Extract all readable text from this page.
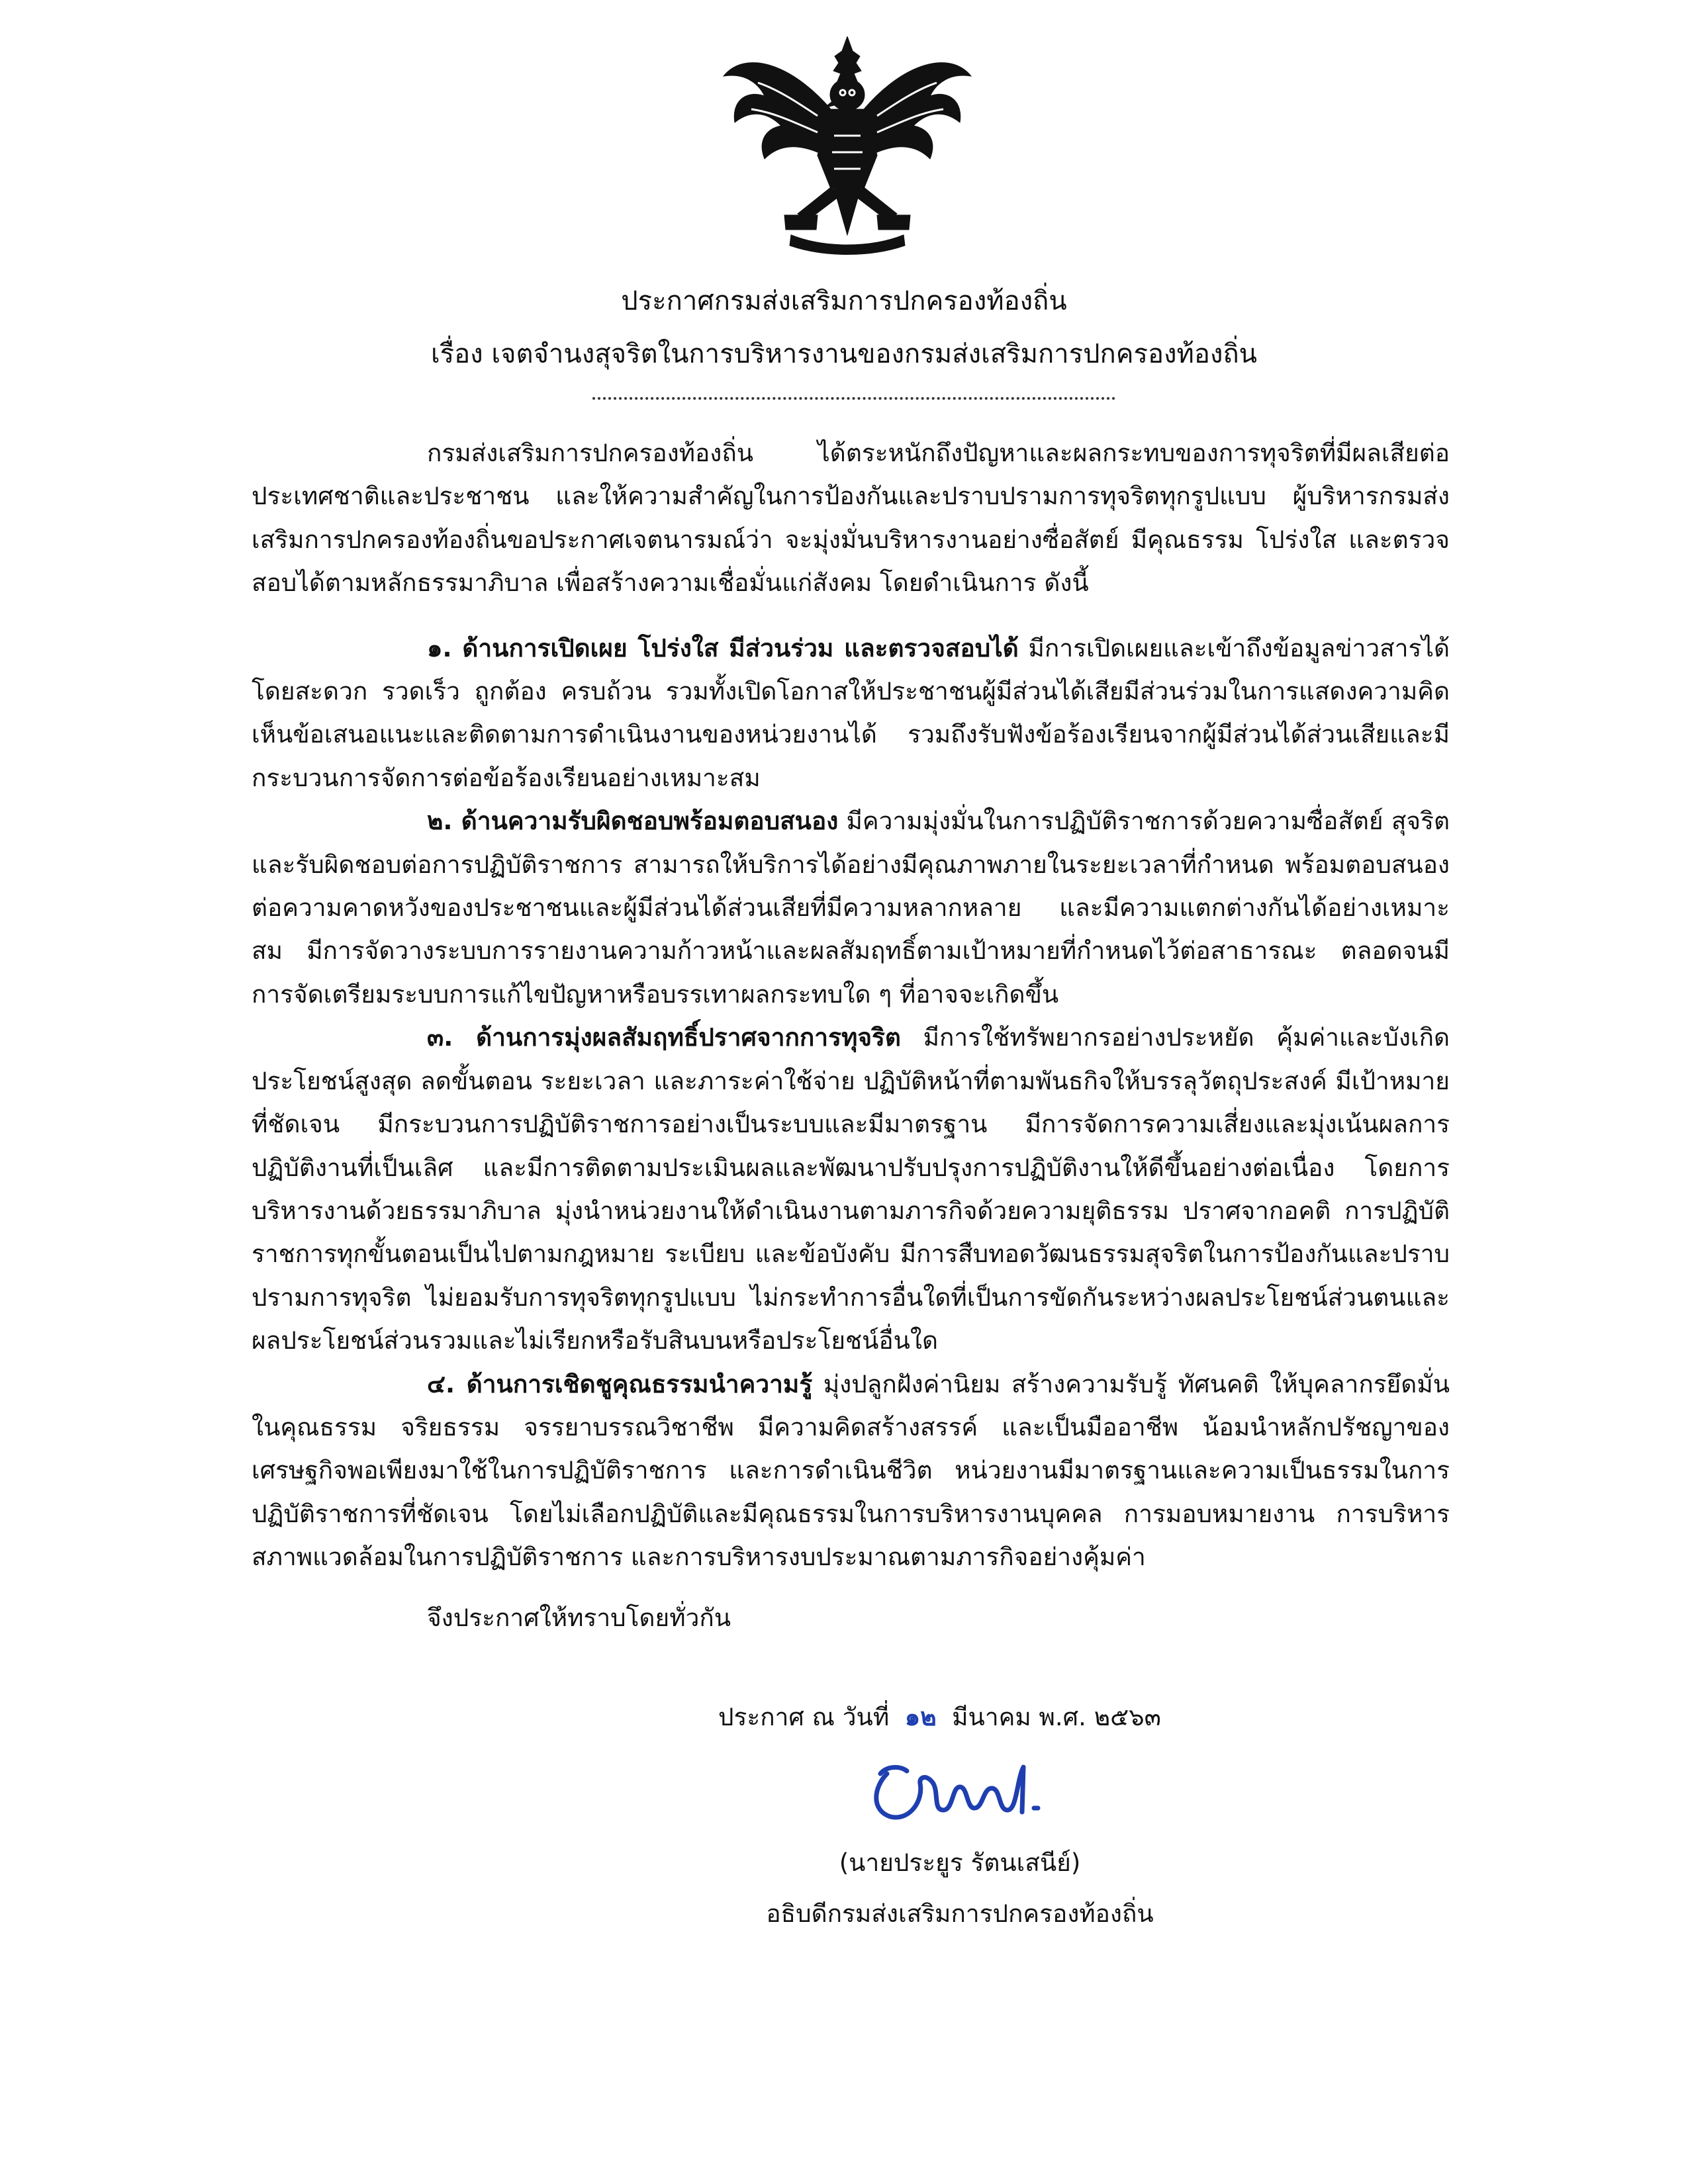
ประกาศกรมส่งเสริมการปกครองท้องถิ่น
เรื่อง เจตจำนงสุจริตในการบริหารงานของกรมส่งเสริมการปกครองท้องถิ่น

กรมส่งเสริมการปกครองท้องถิ่น ได้ตระหนักถึงปัญหาและผลกระทบของการทุจริตที่มีผลเสียต่อประเทศชาติและประชาชน และให้ความสำคัญในการป้องกันและปราบปรามการทุจริตทุกรูปแบบ ผู้บริหารกรมส่งเสริมการปกครองท้องถิ่นขอประกาศเจตนารมณ์ว่า จะมุ่งมั่นบริหารงานอย่างซื่อสัตย์ มีคุณธรรม โปร่งใส และตรวจสอบได้ตามหลักธรรมาภิบาล เพื่อสร้างความเชื่อมั่นแก่สังคม โดยดำเนินการ ดังนี้

๑. ด้านการเปิดเผย โปร่งใส มีส่วนร่วม และตรวจสอบได้ มีการเปิดเผยและเข้าถึงข้อมูลข่าวสารได้โดยสะดวก รวดเร็ว ถูกต้อง ครบถ้วน รวมทั้งเปิดโอกาสให้ประชาชนผู้มีส่วนได้เสียมีส่วนร่วมในการแสดงความคิดเห็นข้อเสนอแนะและติดตามการดำเนินงานของหน่วยงานได้ รวมถึงรับฟังข้อร้องเรียนจากผู้มีส่วนได้ส่วนเสียและมีกระบวนการจัดการต่อข้อร้องเรียนอย่างเหมาะสม

๒. ด้านความรับผิดชอบพร้อมตอบสนอง มีความมุ่งมั่นในการปฏิบัติราชการด้วยความซื่อสัตย์ สุจริต และรับผิดชอบต่อการปฏิบัติราชการ สามารถให้บริการได้อย่างมีคุณภาพภายในระยะเวลาที่กำหนด พร้อมตอบสนองต่อความคาดหวังของประชาชนและผู้มีส่วนได้ส่วนเสียที่มีความหลากหลาย และมีความแตกต่างกันได้อย่างเหมาะสม มีการจัดวางระบบการรายงานความก้าวหน้าและผลสัมฤทธิ์ตามเป้าหมายที่กำหนดไว้ต่อสาธารณะ ตลอดจนมีการจัดเตรียมระบบการแก้ไขปัญหาหรือบรรเทาผลกระทบใด ๆ ที่อาจจะเกิดขึ้น

๓. ด้านการมุ่งผลสัมฤทธิ์ปราศจากการทุจริต มีการใช้ทรัพยากรอย่างประหยัด คุ้มค่าและบังเกิดประโยชน์สูงสุด ลดขั้นตอน ระยะเวลา และภาระค่าใช้จ่าย ปฏิบัติหน้าที่ตามพันธกิจให้บรรลุวัตถุประสงค์ มีเป้าหมายที่ชัดเจน มีกระบวนการปฏิบัติราชการอย่างเป็นระบบและมีมาตรฐาน มีการจัดการความเสี่ยงและมุ่งเน้นผลการปฏิบัติงานที่เป็นเลิศ และมีการติดตามประเมินผลและพัฒนาปรับปรุงการปฏิบัติงานให้ดีขึ้นอย่างต่อเนื่อง โดยการบริหารงานด้วยธรรมาภิบาล มุ่งนำหน่วยงานให้ดำเนินงานตามภารกิจด้วยความยุติธรรม ปราศจากอคติ การปฏิบัติราชการทุกขั้นตอนเป็นไปตามกฎหมาย ระเบียบ และข้อบังคับ มีการสืบทอดวัฒนธรรมสุจริตในการป้องกันและปราบปรามการทุจริต ไม่ยอมรับการทุจริตทุกรูปแบบ ไม่กระทำการอื่นใดที่เป็นการขัดกันระหว่างผลประโยชน์ส่วนตนและผลประโยชน์ส่วนรวมและไม่เรียกหรือรับสินบนหรือประโยชน์อื่นใด

๔. ด้านการเชิดชูคุณธรรมนำความรู้ มุ่งปลูกฝังค่านิยม สร้างความรับรู้ ทัศนคติ ให้บุคลากรยึดมั่นในคุณธรรม จริยธรรม จรรยาบรรณวิชาชีพ มีความคิดสร้างสรรค์ และเป็นมืออาชีพ น้อมนำหลักปรัชญาของเศรษฐกิจพอเพียงมาใช้ในการปฏิบัติราชการ และการดำเนินชีวิต หน่วยงานมีมาตรฐานและความเป็นธรรมในการปฏิบัติราชการที่ชัดเจน โดยไม่เลือกปฏิบัติและมีคุณธรรมในการบริหารงานบุคคล การมอบหมายงาน การบริหาร สภาพแวดล้อมในการปฏิบัติราชการ และการบริหารงบประมาณตามภารกิจอย่างคุ้มค่า

จึงประกาศให้ทราบโดยทั่วกัน
ประกาศ ณ วันที่ ๑๒ มีนาคม พ.ศ. ๒๕๖๓
(นายประยูร รัตนเสนีย์)
อธิบดีกรมส่งเสริมการปกครองท้องถิ่น
